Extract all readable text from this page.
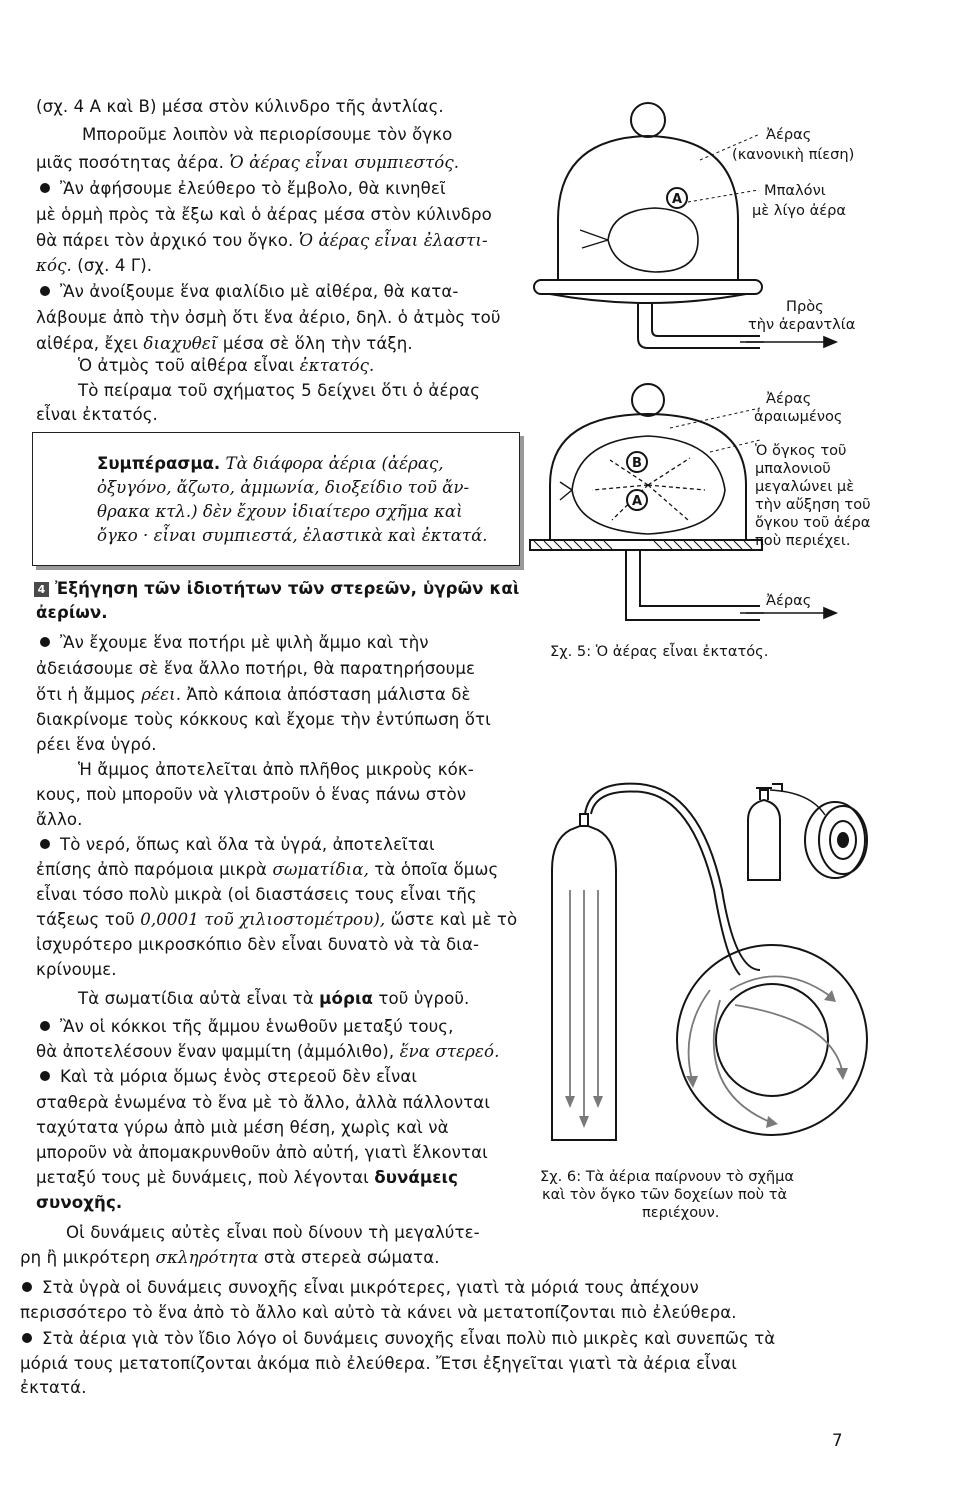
(σχ. 4 Α καὶ Β) μέσα στὸν κύλινδρο τῆς ἀντλίας.
Μποροῦμε λοιπὸν νὰ περιορίσουμε τὸν ὄγκο
μιᾶς ποσότητας ἀέρα. Ὁ ἀέρας εἶναι συμπιεστός.
Ἂν ἀφήσουμε ἐλεύθερο τὸ ἔμβολο, θὰ κινηθεῖ
μὲ ὁρμὴ πρὸς τὰ ἔξω καὶ ὁ ἀέρας μέσα στὸν κύλινδρο
θὰ πάρει τὸν ἀρχικό του ὄγκο. Ὁ ἀέρας εἶναι ἐλαστι-
κός. (σχ. 4 Γ).
Ἂν ἀνοίξουμε ἕνα φιαλίδιο μὲ αἰθέρα, θὰ κατα-
λάβουμε ἀπὸ τὴν ὀσμὴ ὅτι ἕνα ἀέριο, δηλ. ὁ ἀτμὸς τοῦ
αἰθέρα, ἔχει διαχυθεῖ μέσα σὲ ὅλη τὴν τάξη.
Ὁ ἀτμὸς τοῦ αἰθέρα εἶναι ἐκτατός.
Τὸ πείραμα τοῦ σχήματος 5 δείχνει ὅτι ὁ ἀέρας
εἶναι ἐκτατός.
Συμπέρασμα. Τὰ διάφορα ἀέρια (ἀέρας,
ὀξυγόνο, ἄζωτο, ἀμμωνία, διοξείδιο τοῦ ἄν-
θρακα κτλ.) δὲν ἔχουν ἰδιαίτερο σχῆμα καὶ
ὄγκο · εἶναι συμπιεστά, ἐλαστικὰ καὶ ἐκτατά.
4 Ἐξήγηση τῶν ἰδιοτήτων τῶν στερεῶν, ὑγρῶν καὶ
ἀερίων.
Ἂν ἔχουμε ἕνα ποτήρι μὲ ψιλὴ ἄμμο καὶ τὴν
ἀδειάσουμε σὲ ἕνα ἄλλο ποτήρι, θὰ παρατηρήσουμε
ὅτι ἡ ἄμμος ρέει. Ἀπὸ κάποια ἀπόσταση μάλιστα δὲ
διακρίνομε τοὺς κόκκους καὶ ἔχομε τὴν ἐντύπωση ὅτι
ρέει ἕνα ὑγρό.
Ἡ ἄμμος ἀποτελεῖται ἀπὸ πλῆθος μικροὺς κόκ-
κους, ποὺ μποροῦν νὰ γλιστροῦν ὁ ἕνας πάνω στὸν
ἄλλο.
Τὸ νερό, ὅπως καὶ ὅλα τὰ ὑγρά, ἀποτελεῖται
ἐπίσης ἀπὸ παρόμοια μικρὰ σωματίδια, τὰ ὁποῖα ὅμως
εἶναι τόσο πολὺ μικρὰ (οἱ διαστάσεις τους εἶναι τῆς
τάξεως τοῦ 0,0001 τοῦ χιλιοστομέτρου), ὥστε καὶ μὲ τὸ
ἰσχυρότερο μικροσκόπιο δὲν εἶναι δυνατὸ νὰ τὰ δια-
κρίνουμε.
Τὰ σωματίδια αὐτὰ εἶναι τὰ μόρια τοῦ ὑγροῦ.
Ἂν οἱ κόκκοι τῆς ἄμμου ἑνωθοῦν μεταξύ τους,
θὰ ἀποτελέσουν ἕναν ψαμμίτη (ἀμμόλιθο), ἕνα στερεό.
Καὶ τὰ μόρια ὅμως ἑνὸς στερεοῦ δὲν εἶναι
σταθερὰ ἑνωμένα τὸ ἕνα μὲ τὸ ἄλλο, ἀλλὰ πάλλονται
ταχύτατα γύρω ἀπὸ μιὰ μέση θέση, χωρὶς καὶ νὰ
μποροῦν νὰ ἀπομακρυνθοῦν ἀπὸ αὐτή, γιατὶ ἕλκονται
μεταξύ τους μὲ δυνάμεις, ποὺ λέγονται δυνάμεις
συνοχῆς.
Οἱ δυνάμεις αὐτὲς εἶναι ποὺ δίνουν τὴ μεγαλύτε-
ρη ἢ μικρότερη σκληρότητα στὰ στερεὰ σώματα.
Στὰ ὑγρὰ οἱ δυνάμεις συνοχῆς εἶναι μικρότερες, γιατὶ τὰ μόριά τους ἀπέχουν
περισσότερο τὸ ἕνα ἀπὸ τὸ ἄλλο καὶ αὐτὸ τὰ κάνει νὰ μετατοπίζονται πιὸ ἐλεύθερα.
Στὰ ἀέρια γιὰ τὸν ἴδιο λόγο οἱ δυνάμεις συνοχῆς εἶναι πολὺ πιὸ μικρὲς καὶ συνεπῶς τὰ
μόριά τους μετατοπίζονται ἀκόμα πιὸ ἐλεύθερα. Ἔτσι ἐξηγεῖται γιατὶ τὰ ἀέρια εἶναι
ἐκτατά.
Α
Β
Α
Ἀέρας
(κανονικὴ πίεση)
Μπαλόνι
μὲ λίγο ἀέρα
Πρὸς
τὴν ἀεραντλία
Ἀέρας
ἀραιωμένος
Ὁ ὄγκος τοῦ
μπαλονιοῦ
μεγαλώνει μὲ
τὴν αὔξηση τοῦ
ὄγκου τοῦ ἀέρα
ποὺ περιέχει.
Ἀέρας
Σχ. 5: Ὁ ἀέρας εἶναι ἐκτατός.
Σχ. 6: Τὰ ἀέρια παίρνουν τὸ σχῆμα
καὶ τὸν ὄγκο τῶν δοχείων ποὺ τὰ
περιέχουν.
7
